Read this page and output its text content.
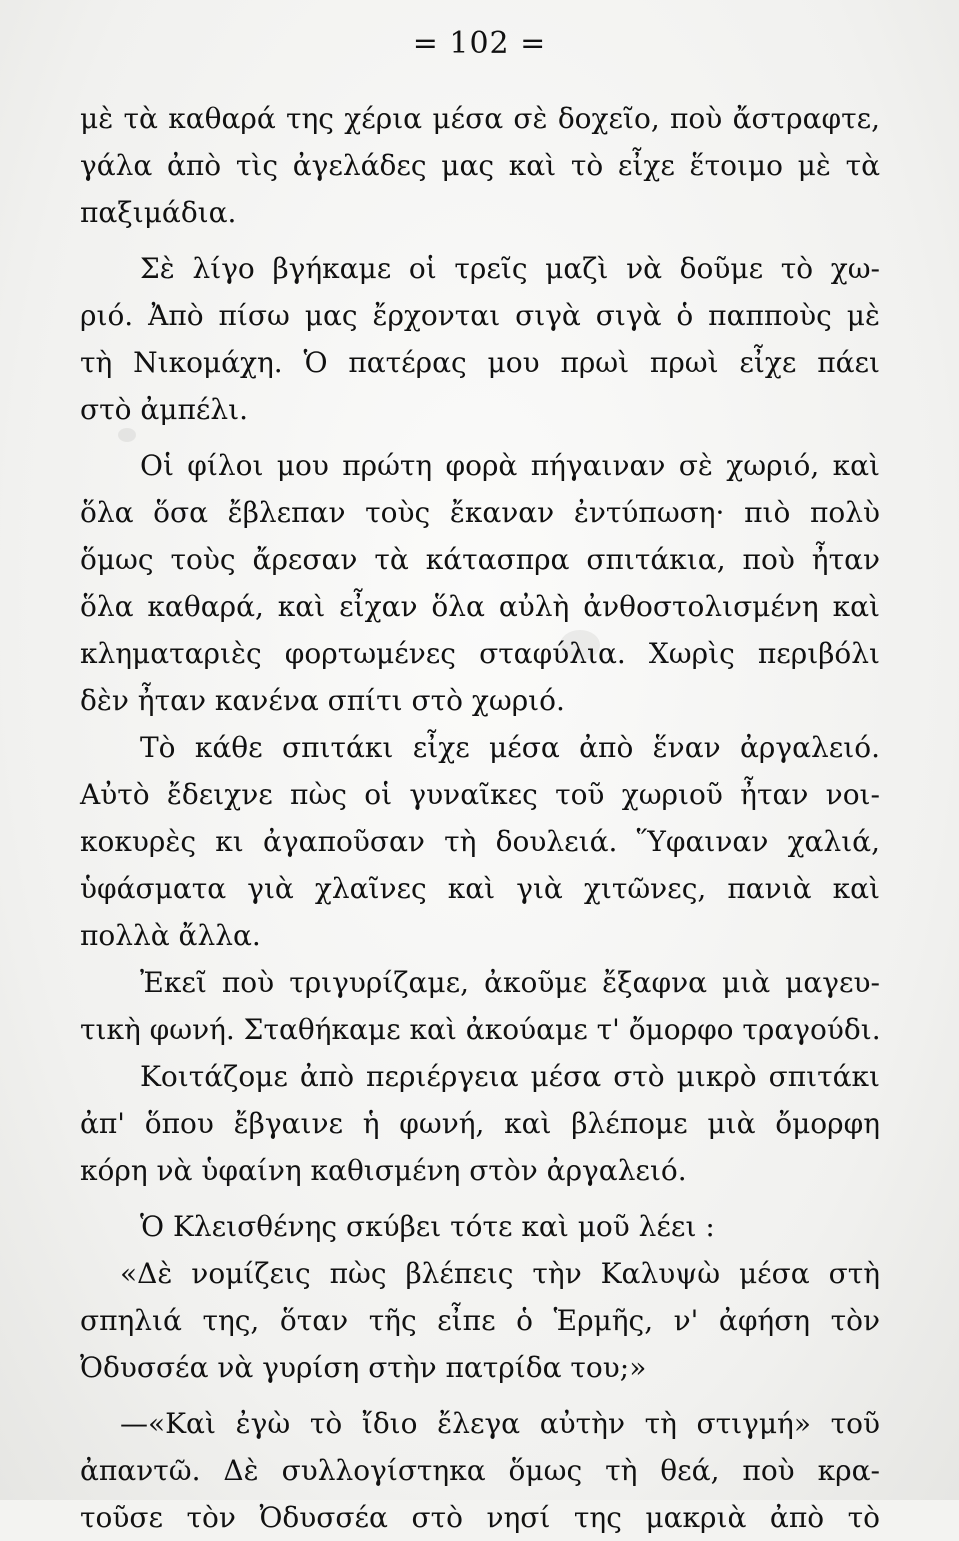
= 102 =
μὲ τὰ καθαρά της χέρια μέσα σὲ δοχεῖο, ποὺ ἄστραφτε,
γάλα ἀπὸ τὶς ἀγελάδες μας καὶ τὸ εἶχε ἕτοιμο μὲ τὰ
παξιμάδια.
Σὲ λίγο βγήκαμε οἱ τρεῖς μαζὶ νὰ δοῦμε τὸ χω-
ριό. Ἀπὸ πίσω μας ἔρχονται σιγὰ σιγὰ ὁ παπποὺς μὲ
τὴ Νικομάχη. Ὁ πατέρας μου πρωὶ πρωὶ εἶχε πάει
στὸ ἀμπέλι.
Οἱ φίλοι μου πρώτη φορὰ πήγαιναν σὲ χωριό, καὶ
ὅλα ὅσα ἔβλεπαν τοὺς ἔκαναν ἐντύπωση· πιὸ πολὺ
ὅμως τοὺς ἄρεσαν τὰ κάτασπρα σπιτάκια, ποὺ ἦταν
ὅλα καθαρά, καὶ εἶχαν ὅλα αὐλὴ ἀνθοστολισμένη καὶ
κληματαριὲς φορτωμένες σταφύλια. Χωρὶς περιβόλι
δὲν ἦταν κανένα σπίτι στὸ χωριό.
Τὸ κάθε σπιτάκι εἶχε μέσα ἀπὸ ἕναν ἀργαλειό.
Αὐτὸ ἔδειχνε πὼς οἱ γυναῖκες τοῦ χωριοῦ ἦταν νοι-
κοκυρὲς κι ἀγαποῦσαν τὴ δουλειά. Ὕφαιναν χαλιά,
ὑφάσματα γιὰ χλαῖνες καὶ γιὰ χιτῶνες, πανιὰ καὶ
πολλὰ ἄλλα.
Ἐκεῖ ποὺ τριγυρίζαμε, ἀκοῦμε ἔξαφνα μιὰ μαγευ-
τικὴ φωνή. Σταθήκαμε καὶ ἀκούαμε τ' ὄμορφο τραγούδι.
Κοιτάζομε ἀπὸ περιέργεια μέσα στὸ μικρὸ σπιτάκι
ἀπ' ὅπου ἔβγαινε ἡ φωνή, καὶ βλέπομε μιὰ ὄμορφη
κόρη νὰ ὑφαίνη καθισμένη στὸν ἀργαλειό.
Ὁ Κλεισθένης σκύβει τότε καὶ μοῦ λέει :
«Δὲ νομίζεις πὼς βλέπεις τὴν Καλυψὼ μέσα στὴ
σπηλιά της, ὅταν τῆς εἶπε ὁ Ἑρμῆς, ν' ἀφήση τὸν
Ὀδυσσέα νὰ γυρίση στὴν πατρίδα του;»
—«Καὶ ἐγὼ τὸ ἴδιο ἔλεγα αὐτὴν τὴ στιγμή» τοῦ
ἀπαντῶ. Δὲ συλλογίστηκα ὅμως τὴ θεά, ποὺ κρα-
τοῦσε τὸν Ὀδυσσέα στὸ νησί της μακριὰ ἀπὸ τὸ
